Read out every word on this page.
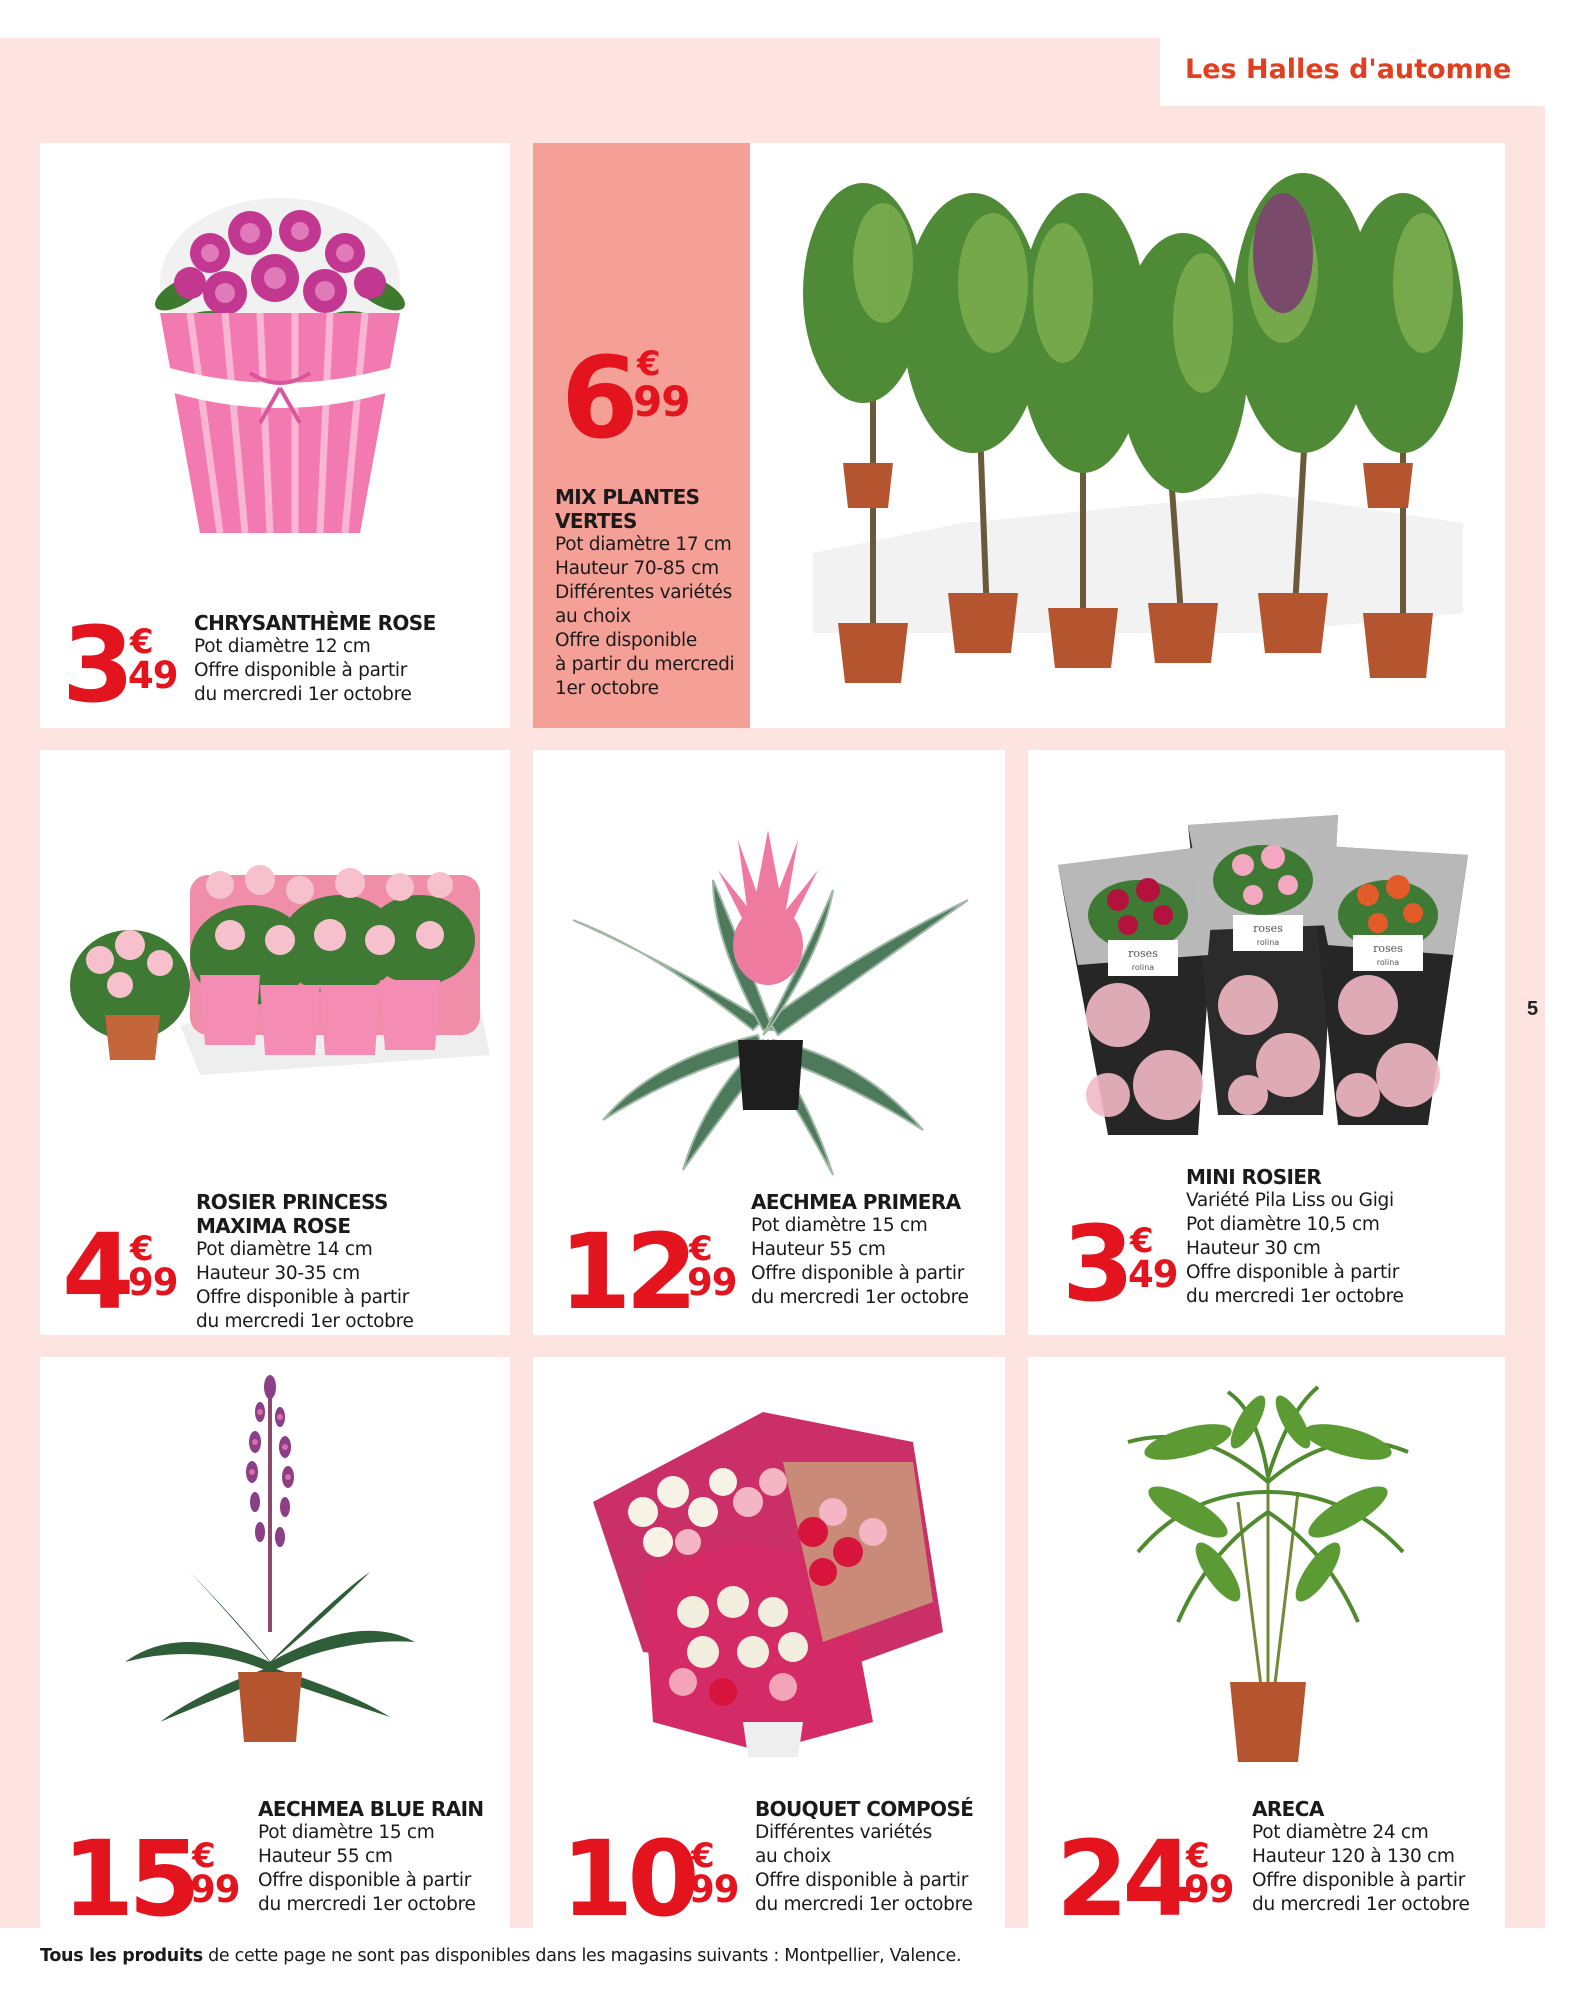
Les Halles d'automne
5
CHRYSANTHÈME ROSE
Pot diamètre 12 cm
Offre disponible à partir
du mercredi 1er octobre
3 €
49
6 €
99
MIX PLANTES
VERTES
Pot diamètre 17 cm
Hauteur 70-85 cm
Différentes variétés
au choix
Offre disponible
à partir du mercredi
1er octobre
ROSIER PRINCESS
MAXIMA ROSE
Pot diamètre 14 cm
Hauteur 30-35 cm
Offre disponible à partir
du mercredi 1er octobre
4 €
99
AECHMEA PRIMERA
Pot diamètre 15 cm
Hauteur 55 cm
Offre disponible à partir
du mercredi 1er octobre
12
€
99
roses
rolina
roses
rolina	roses
rolina
MINI ROSIER
Variété Pila Liss ou Gigi
Pot diamètre 10,5 cm
Hauteur 30 cm
Offre disponible à partir
du mercredi 1er octobre
3 €
49
AECHMEA BLUE RAIN
Pot diamètre 15 cm
Hauteur 55 cm
Offre disponible à partir
du mercredi 1er octobre
15
€
99
BOUQUET COMPOSÉ
Différentes variétés
au choix
Offre disponible à partir
du mercredi 1er octobre
10
€
99
ARECA
Pot diamètre 24 cm
Hauteur 120 à 130 cm
Offre disponible à partir
du mercredi 1er octobre
24
€
99
Tous les produits de cette page ne sont pas disponibles dans les magasins suivants : Montpellier, Valence.
